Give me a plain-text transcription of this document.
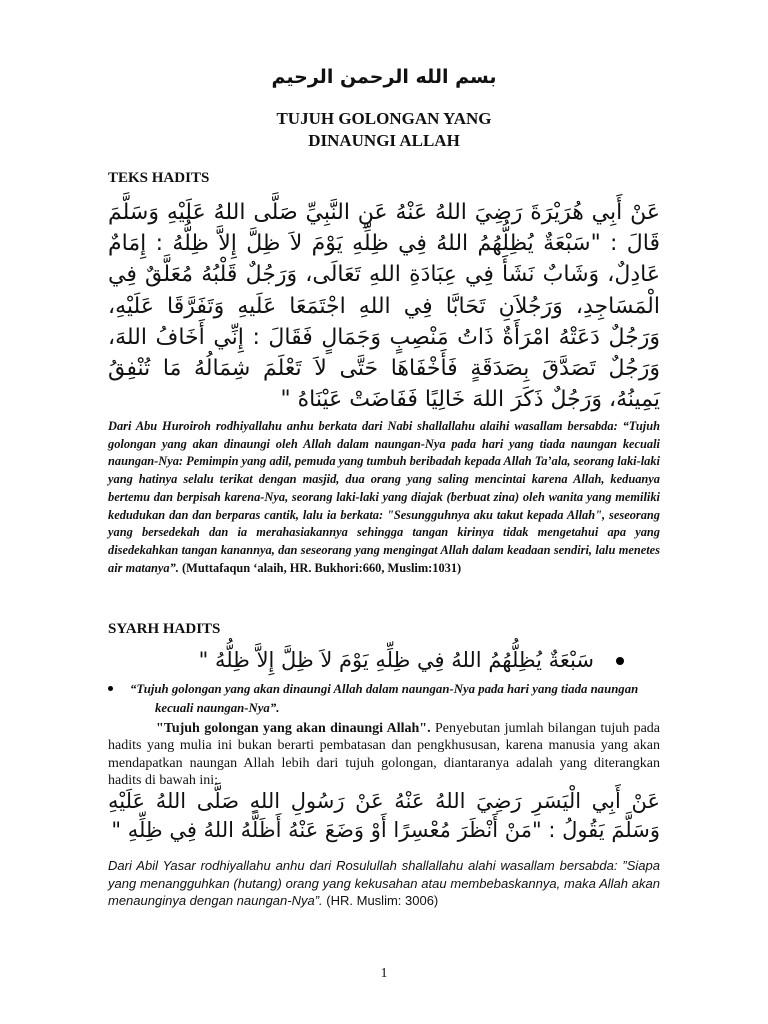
بسم الله الرحمن الرحيم
TUJUH GOLONGAN YANG
DINAUNGI ALLAH
TEKS HADITS
عَنْ أَبِي هُرَيْرَةَ رَضِيَ اللهُ عَنْهُ عَنِ النَّبِيِّ صَلَّى اللهُ عَلَيْهِ وَسَلَّمَ قَالَ : "سَبْعَةٌ يُظِلُّهُمُ اللهُ فِي ظِلِّهِ يَوْمَ لاَ ظِلَّ إِلاَّ ظِلُّهُ : إِمَامٌ عَادِلٌ، وَشَابٌ نَشَأَ فِي عِبَادَةِ اللهِ تَعَالَى، وَرَجُلٌ قَلْبُهُ مُعَلَّقٌ فِي الْمَسَاجِدِ، وَرَجُلاَنِ تَحَابَّا فِي اللهِ اجْتَمَعَا عَلَيهِ وَتَفَرَّقَا عَلَيْهِ، وَرَجُلٌ دَعَتْهُ امْرَأَةٌ ذَاتُ مَنْصِبٍ وَجَمَالٍ فَقَالَ : إِنِّي أَخَافُ اللهَ، وَرَجُلٌ تَصَدَّقَ بِصَدَقَةٍ فَأَخْفَاهَا حَتَّى لاَ تَعْلَمَ شِمَالُهُ مَا تُنْفِقُ يَمِينُهُ، وَرَجُلٌ ذَكَرَ اللهَ خَالِيًا فَفَاضَتْ عَيْنَاهُ "
Dari Abu Huroiroh rodhiyallahu anhu berkata dari Nabi shallallahu alaihi wasallam bersabda: “Tujuh golongan yang akan dinaungi oleh Allah dalam naungan-Nya pada hari yang tiada naungan kecuali naungan-Nya: Pemimpin yang adil, pemuda yang tumbuh beribadah kepada Allah Ta’ala, seorang laki-laki yang hatinya selalu terikat dengan masjid, dua orang yang saling mencintai karena Allah, keduanya bertemu dan berpisah karena-Nya, seorang laki-laki yang diajak (berbuat zina) oleh wanita yang memiliki kedudukan dan dan berparas cantik, lalu ia berkata: "Sesungguhnya aku takut kepada Allah", seseorang yang bersedekah dan ia merahasiakannya sehingga tangan kirinya tidak mengetahui apa yang disedekahkan tangan kanannya, dan seseorang yang mengingat Allah dalam keadaan sendiri, lalu menetes air matanya”. (Muttafaqun ‘alaih, HR. Bukhori:660, Muslim:1031)
SYARH HADITS
سَبْعَةٌ يُظِلُّهُمُ اللهُ فِي ظِلِّهِ يَوْمَ لاَ ظِلَّ إِلاَّ ظِلُّهُ "
“Tujuh golongan yang akan dinaungi Allah dalam naungan-Nya pada hari yang tiada naungan kecuali naungan-Nya”.
"Tujuh golongan yang akan dinaungi Allah". Penyebutan jumlah bilangan tujuh pada hadits yang mulia ini bukan berarti pembatasan dan pengkhususan, karena manusia yang akan mendapatkan naungan Allah lebih dari tujuh golongan, diantaranya adalah yang diterangkan hadits di bawah ini:
عَنْ أَبِي الْيَسَرِ رَضِيَ اللهُ عَنْهُ عَنْ رَسُولِ اللهِ صَلَّى اللهُ عَلَيْهِ وَسَلَّمَ يَقُولُ : "مَنْ أَنْظَرَ مُعْسِرًا أَوْ وَضَعَ عَنْهُ أَظَلَّهُ اللهُ فِي ظِلِّهِ "
Dari Abil Yasar rodhiyallahu anhu dari Rosulullah shallallahu alahi wasallam bersabda: ”Siapa yang menangguhkan (hutang) orang yang kekusahan atau membebaskannya, maka Allah akan menaunginya dengan naungan-Nya”. (HR. Muslim: 3006)
1
